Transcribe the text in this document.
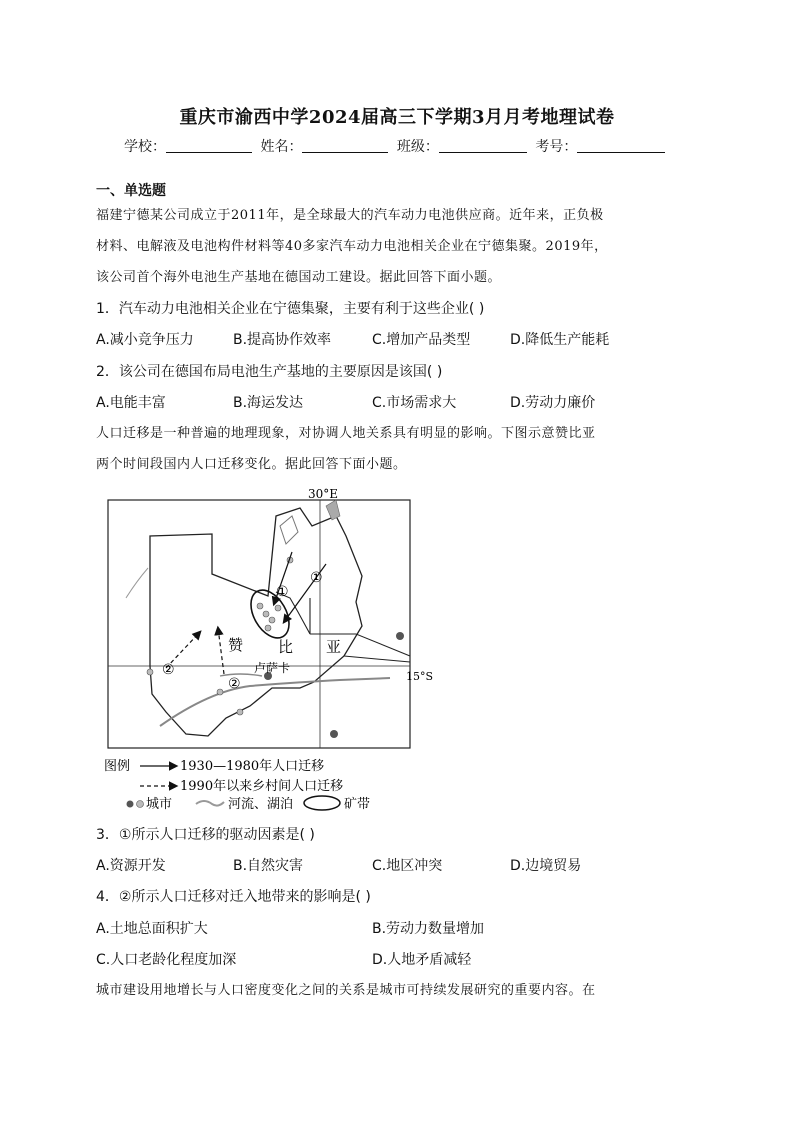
重庆市渝西中学2024届高三下学期3月月考地理试卷
学校：	姓名：	班级：	考号：
一、单选题
福建宁德某公司成立于2011年，是全球最大的汽车动力电池供应商。近年来，正负极
材料、电解液及电池构件材料等40多家汽车动力电池相关企业在宁德集聚。2019年，
该公司首个海外电池生产基地在德国动工建设。据此回答下面小题。
1．汽车动力电池相关企业在宁德集聚，主要有利于这些企业( )
A.减小竞争压力	B.提高协作效率	C.增加产品类型	D.降低生产能耗
2．该公司在德国布局电池生产基地的主要原因是该国( )
A.电能丰富	B.海运发达	C.市场需求大	D.劳动力廉价
人口迁移是一种普遍的地理现象，对协调人地关系具有明显的影响。下图示意赞比亚
两个时间段国内人口迁移变化。据此回答下面小题。
30°E
15°S
赞 比 亚
卢萨卡
①
①
②
②
图例	1930—1980年人口迁移
1990年以来乡村间人口迁移
城市	河流、湖泊	矿带
3．①所示人口迁移的驱动因素是( )
A.资源开发	B.自然灾害	C.地区冲突	D.边境贸易
4．②所示人口迁移对迁入地带来的影响是( )
A.土地总面积扩大	B.劳动力数量增加
C.人口老龄化程度加深	D.人地矛盾减轻
城市建设用地增长与人口密度变化之间的关系是城市可持续发展研究的重要内容。在
